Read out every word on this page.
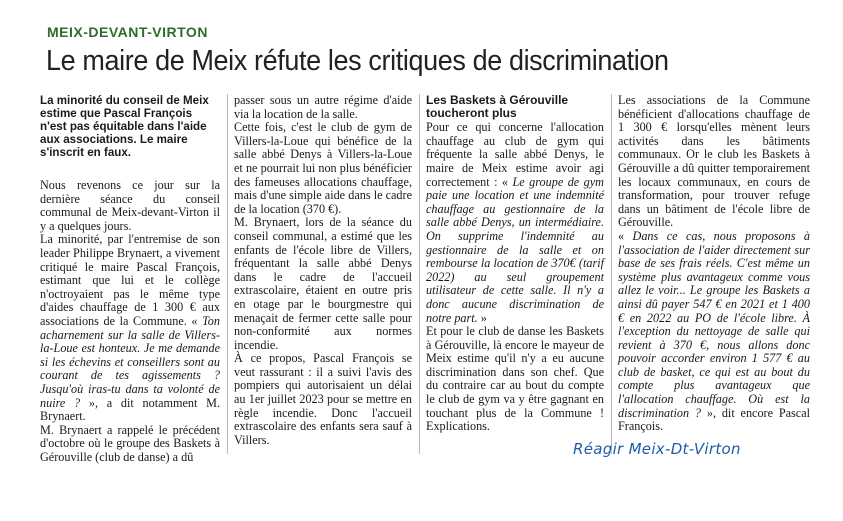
MEIX-DEVANT-VIRTON
Le maire de Meix réfute les critiques de discrimination

La minorité du conseil de Meix estime que Pascal François n'est pas équitable dans l'aide aux associations. Le maire s'inscrit en faux.

Nous revenons ce jour sur la dernière séance du conseil communal de Meix-devant-Virton il y a quelques jours.

La minorité, par l'entremise de son leader Philippe Brynaert, a vivement critiqué le maire Pascal François, estimant que lui et le collège n'octroyaient pas le même type d'aides chauffage de 1 300 € aux associations de la Commune. « Ton acharnement sur la salle de Villers-la-Loue est honteux. Je me demande si les échevins et conseillers sont au courant de tes agissements ? Jusqu'où iras-tu dans ta volonté de nuire ? », a dit notamment M. Brynaert.

M. Brynaert a rappelé le précédent d'octobre où le groupe des Baskets à Gérouville (club de danse) a dû

passer sous un autre régime d'aide via la location de la salle.

Cette fois, c'est le club de gym de Villers-la-Loue qui bénéfice de la salle abbé Denys à Villers-la-Loue et ne pourrait lui non plus bénéficier des fameuses allocations chauffage, mais d'une simple aide dans le cadre de la location (370 €).

M. Brynaert, lors de la séance du conseil communal, a estimé que les enfants de l'école libre de Villers, fréquentant la salle abbé Denys dans le cadre de l'accueil extrascolaire, étaient en outre pris en otage par le bourgmestre qui menaçait de fermer cette salle pour non-conformité aux normes incendie.

À ce propos, Pascal François se veut rassurant : il a suivi l'avis des pompiers qui autorisaient un délai au 1er juillet 2023 pour se mettre en règle incendie. Donc l'accueil extrascolaire des enfants sera sauf à Villers.

Les Baskets à Gérouville toucheront plus

Pour ce qui concerne l'allocation chauffage au club de gym qui fréquente la salle abbé Denys, le maire de Meix estime avoir agi correctement : « Le groupe de gym paie une location et une indemnité chauffage au gestionnaire de la salle abbé Denys, un intermédiaire. On supprime l'indemnité au gestionnaire de la salle et on rembourse la location de 370€ (tarif 2022) au seul groupement utilisateur de cette salle. Il n'y a donc aucune discrimination de notre part. »

Et pour le club de danse les Baskets à Gérouville, là encore le mayeur de Meix estime qu'il n'y a eu aucune discrimination dans son chef. Que du contraire car au bout du compte le club de gym va y être gagnant en touchant plus de la Commune ! Explications.

Les associations de la Commune bénéficient d'allocations chauffage de 1 300 € lorsqu'elles mènent leurs activités dans les bâtiments communaux. Or le club les Baskets à Gérouville a dû quitter temporairement les locaux communaux, en cours de transformation, pour trouver refuge dans un bâtiment de l'école libre de Gérouville.

« Dans ce cas, nous proposons à l'association de l'aider directement sur base de ses frais réels. C'est même un système plus avantageux comme vous allez le voir... Le groupe les Baskets a ainsi dû payer 547 € en 2021 et 1 400 € en 2022 au PO de l'école libre. À l'exception du nettoyage de salle qui revient à 370 €, nous allons donc pouvoir accorder environ 1 577 € au club de basket, ce qui est au bout du compte plus avantageux que l'allocation chauffage. Où est la discrimination ? », dit encore Pascal François.

Réagir Meix-Dt-Virton
